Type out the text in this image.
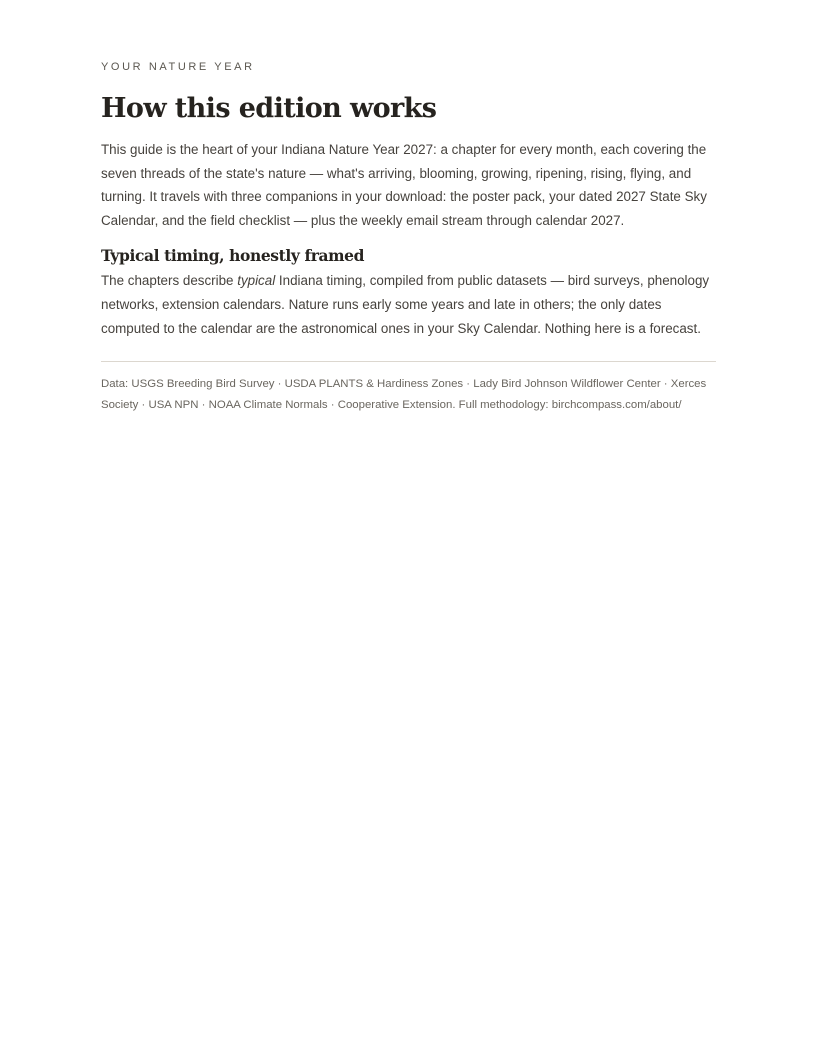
YOUR NATURE YEAR

How this edition works

This guide is the heart of your Indiana Nature Year 2027: a chapter for every month, each covering the seven threads of the state's nature — what's arriving, blooming, growing, ripening, rising, flying, and turning. It travels with three companions in your download: the poster pack, your dated 2027 State Sky Calendar, and the field checklist — plus the weekly email stream through calendar 2027.

Typical timing, honestly framed

The chapters describe typical Indiana timing, compiled from public datasets — bird surveys, phenology networks, extension calendars. Nature runs early some years and late in others; the only dates computed to the calendar are the astronomical ones in your Sky Calendar. Nothing here is a forecast.

Data: USGS Breeding Bird Survey · USDA PLANTS & Hardiness Zones · Lady Bird Johnson Wildflower Center · Xerces Society · USA NPN · NOAA Climate Normals · Cooperative Extension. Full methodology: birchcompass.com/about/
